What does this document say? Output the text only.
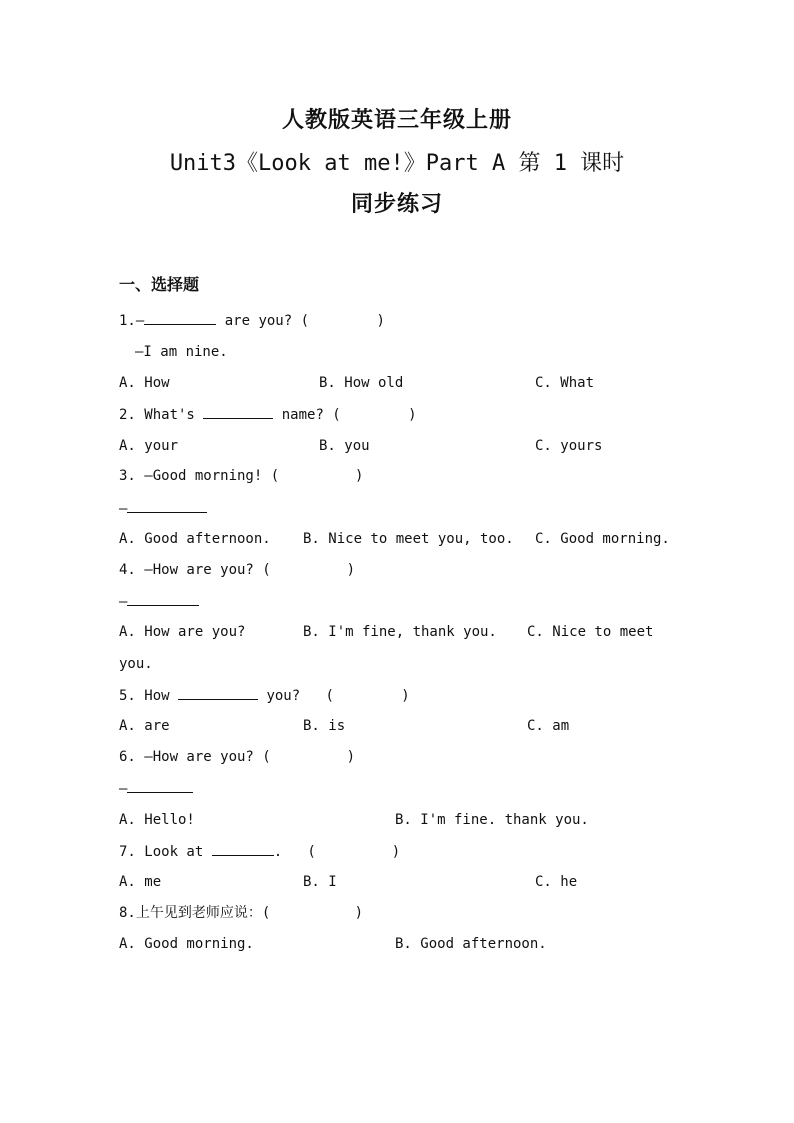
人教版英语三年级上册
Unit3《Look at me!》Part A 第 1 课时
同步练习
一、选择题
1.—	are you? (        )
—I am nine.
A. How	B. How old	C. What
2. What's	name? (        )
A. your	B. you	C. yours
3. —Good morning! (         )
—
A. Good afternoon. B. Nice to meet you, too. C. Good morning.
4. —How are you? (         )
—
A. How are you?	B. I'm fine, thank you. C. Nice to meet
you.
5. How	you?   (        )
A. are	B. is	C. am
6. —How are you? (         )
—
A. Hello!	B. I'm fine. thank you.
7. Look at	.   (         )
A. me	B. I	C. he
8.上午见到老师应说：(          )
A. Good morning.	B. Good afternoon.
